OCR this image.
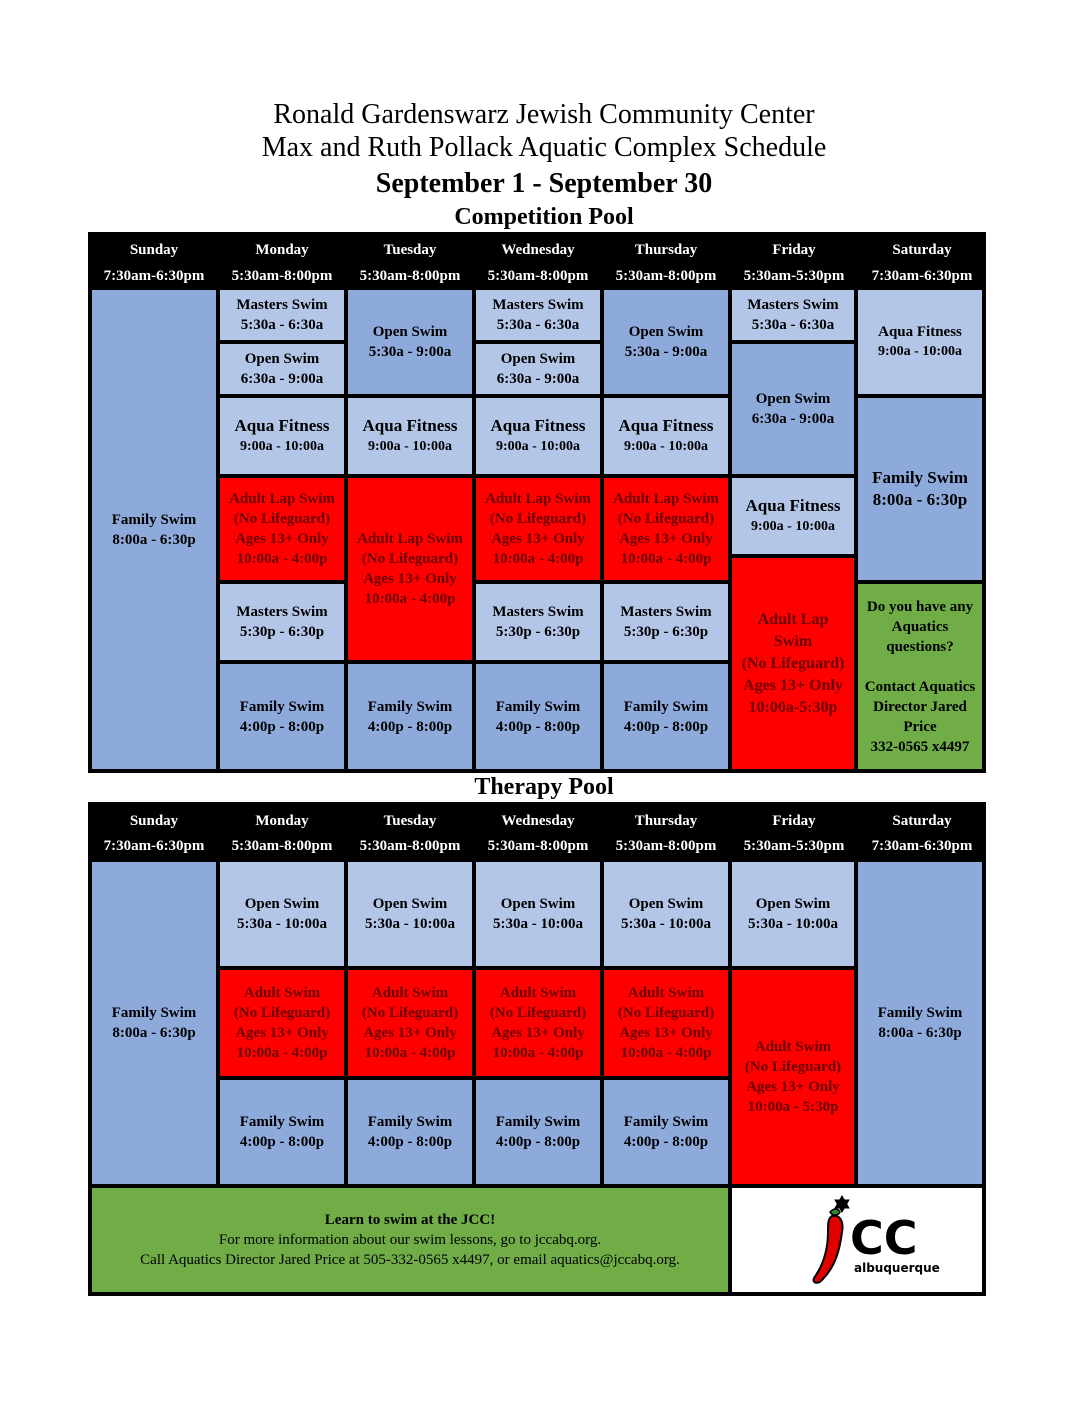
Ronald Gardenswarz Jewish Community Center
Max and Ruth Pollack Aquatic Complex Schedule
September 1 - September 30
Competition Pool
Sunday
7:30am-6:30pm
Monday
5:30am-8:00pm
Tuesday
5:30am-8:00pm
Wednesday
5:30am-8:00pm
Thursday
5:30am-8:00pm
Friday
5:30am-5:30pm
Saturday
7:30am-6:30pm
Family Swim
8:00a - 6:30p
Masters Swim
5:30a - 6:30a
Open Swim
6:30a - 9:00a
Aqua Fitness
9:00a - 10:00a
Adult Lap Swim
(No Lifeguard)
Ages 13+ Only
10:00a - 4:00p
Masters Swim
5:30p - 6:30p
Family Swim
4:00p - 8:00p
Open Swim
5:30a - 9:00a
Aqua Fitness
9:00a - 10:00a
Adult Lap Swim
(No Lifeguard)
Ages 13+ Only
10:00a - 4:00p
Family Swim
4:00p - 8:00p
Masters Swim
5:30a - 6:30a
Open Swim
6:30a - 9:00a
Aqua Fitness
9:00a - 10:00a
Adult Lap Swim
(No Lifeguard)
Ages 13+ Only
10:00a - 4:00p
Masters Swim
5:30p - 6:30p
Family Swim
4:00p - 8:00p
Open Swim
5:30a - 9:00a
Aqua Fitness
9:00a - 10:00a
Adult Lap Swim
(No Lifeguard)
Ages 13+ Only
10:00a - 4:00p
Masters Swim
5:30p - 6:30p
Family Swim
4:00p - 8:00p
Masters Swim
5:30a - 6:30a
Open Swim
6:30a - 9:00a
Aqua Fitness
9:00a - 10:00a
Adult Lap
Swim
(No Lifeguard)
Ages 13+ Only
10:00a-5:30p
Aqua Fitness
9:00a - 10:00a
Family Swim
8:00a - 6:30p
Do you have any
Aquatics
questions?
Contact Aquatics
Director Jared
Price
332-0565 x4497
Therapy Pool
Sunday
7:30am-6:30pm
Monday
5:30am-8:00pm
Tuesday
5:30am-8:00pm
Wednesday
5:30am-8:00pm
Thursday
5:30am-8:00pm
Friday
5:30am-5:30pm
Saturday
7:30am-6:30pm
Family Swim
8:00a - 6:30p
Open Swim
5:30a - 10:00a
Open Swim
5:30a - 10:00a
Open Swim
5:30a - 10:00a
Open Swim
5:30a - 10:00a
Open Swim
5:30a - 10:00a
Adult Swim
(No Lifeguard)
Ages 13+ Only
10:00a - 4:00p
Adult Swim
(No Lifeguard)
Ages 13+ Only
10:00a - 4:00p
Adult Swim
(No Lifeguard)
Ages 13+ Only
10:00a - 4:00p
Adult Swim
(No Lifeguard)
Ages 13+ Only
10:00a - 4:00p
Family Swim
4:00p - 8:00p
Family Swim
4:00p - 8:00p
Family Swim
4:00p - 8:00p
Family Swim
4:00p - 8:00p
Adult Swim
(No Lifeguard)
Ages 13+ Only
10:00a - 5:30p
Family Swim
8:00a - 6:30p
Learn to swim at the JCC!
For more information about our swim lessons, go to jccabq.org.
Call Aquatics Director Jared Price at 505-332-0565 x4497, or email aquatics@jccabq.org.	CC
albuquerque
